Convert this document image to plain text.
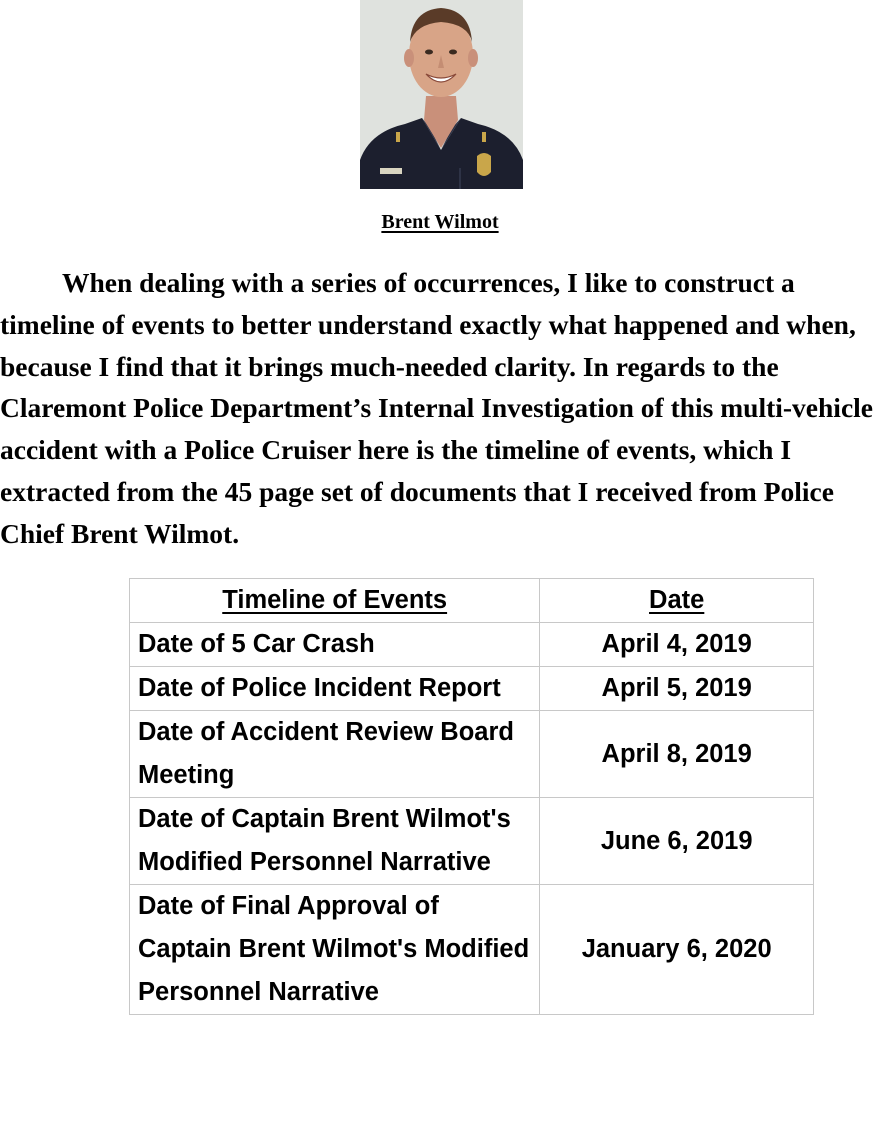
Brent Wilmot

When dealing with a series of occurrences, I like to construct a timeline of events to better understand exactly what happened and when, because I find that it brings much-needed clarity. In regards to the Claremont Police Department’s Internal Investigation of this multi-vehicle accident with a Police Cruiser here is the timeline of events, which I extracted from the 45 page set of documents that I received from Police Chief Brent Wilmot.

Timeline of Events	Date
Date of 5 Car Crash	April 4, 2019
Date of Police Incident Report	April 5, 2019
Date of Accident Review Board Meeting	April 8, 2019
Date of Captain Brent Wilmot's Modified Personnel Narrative	June 6, 2019
Date of Final Approval of Captain Brent Wilmot's Modified Personnel Narrative	January 6, 2020
